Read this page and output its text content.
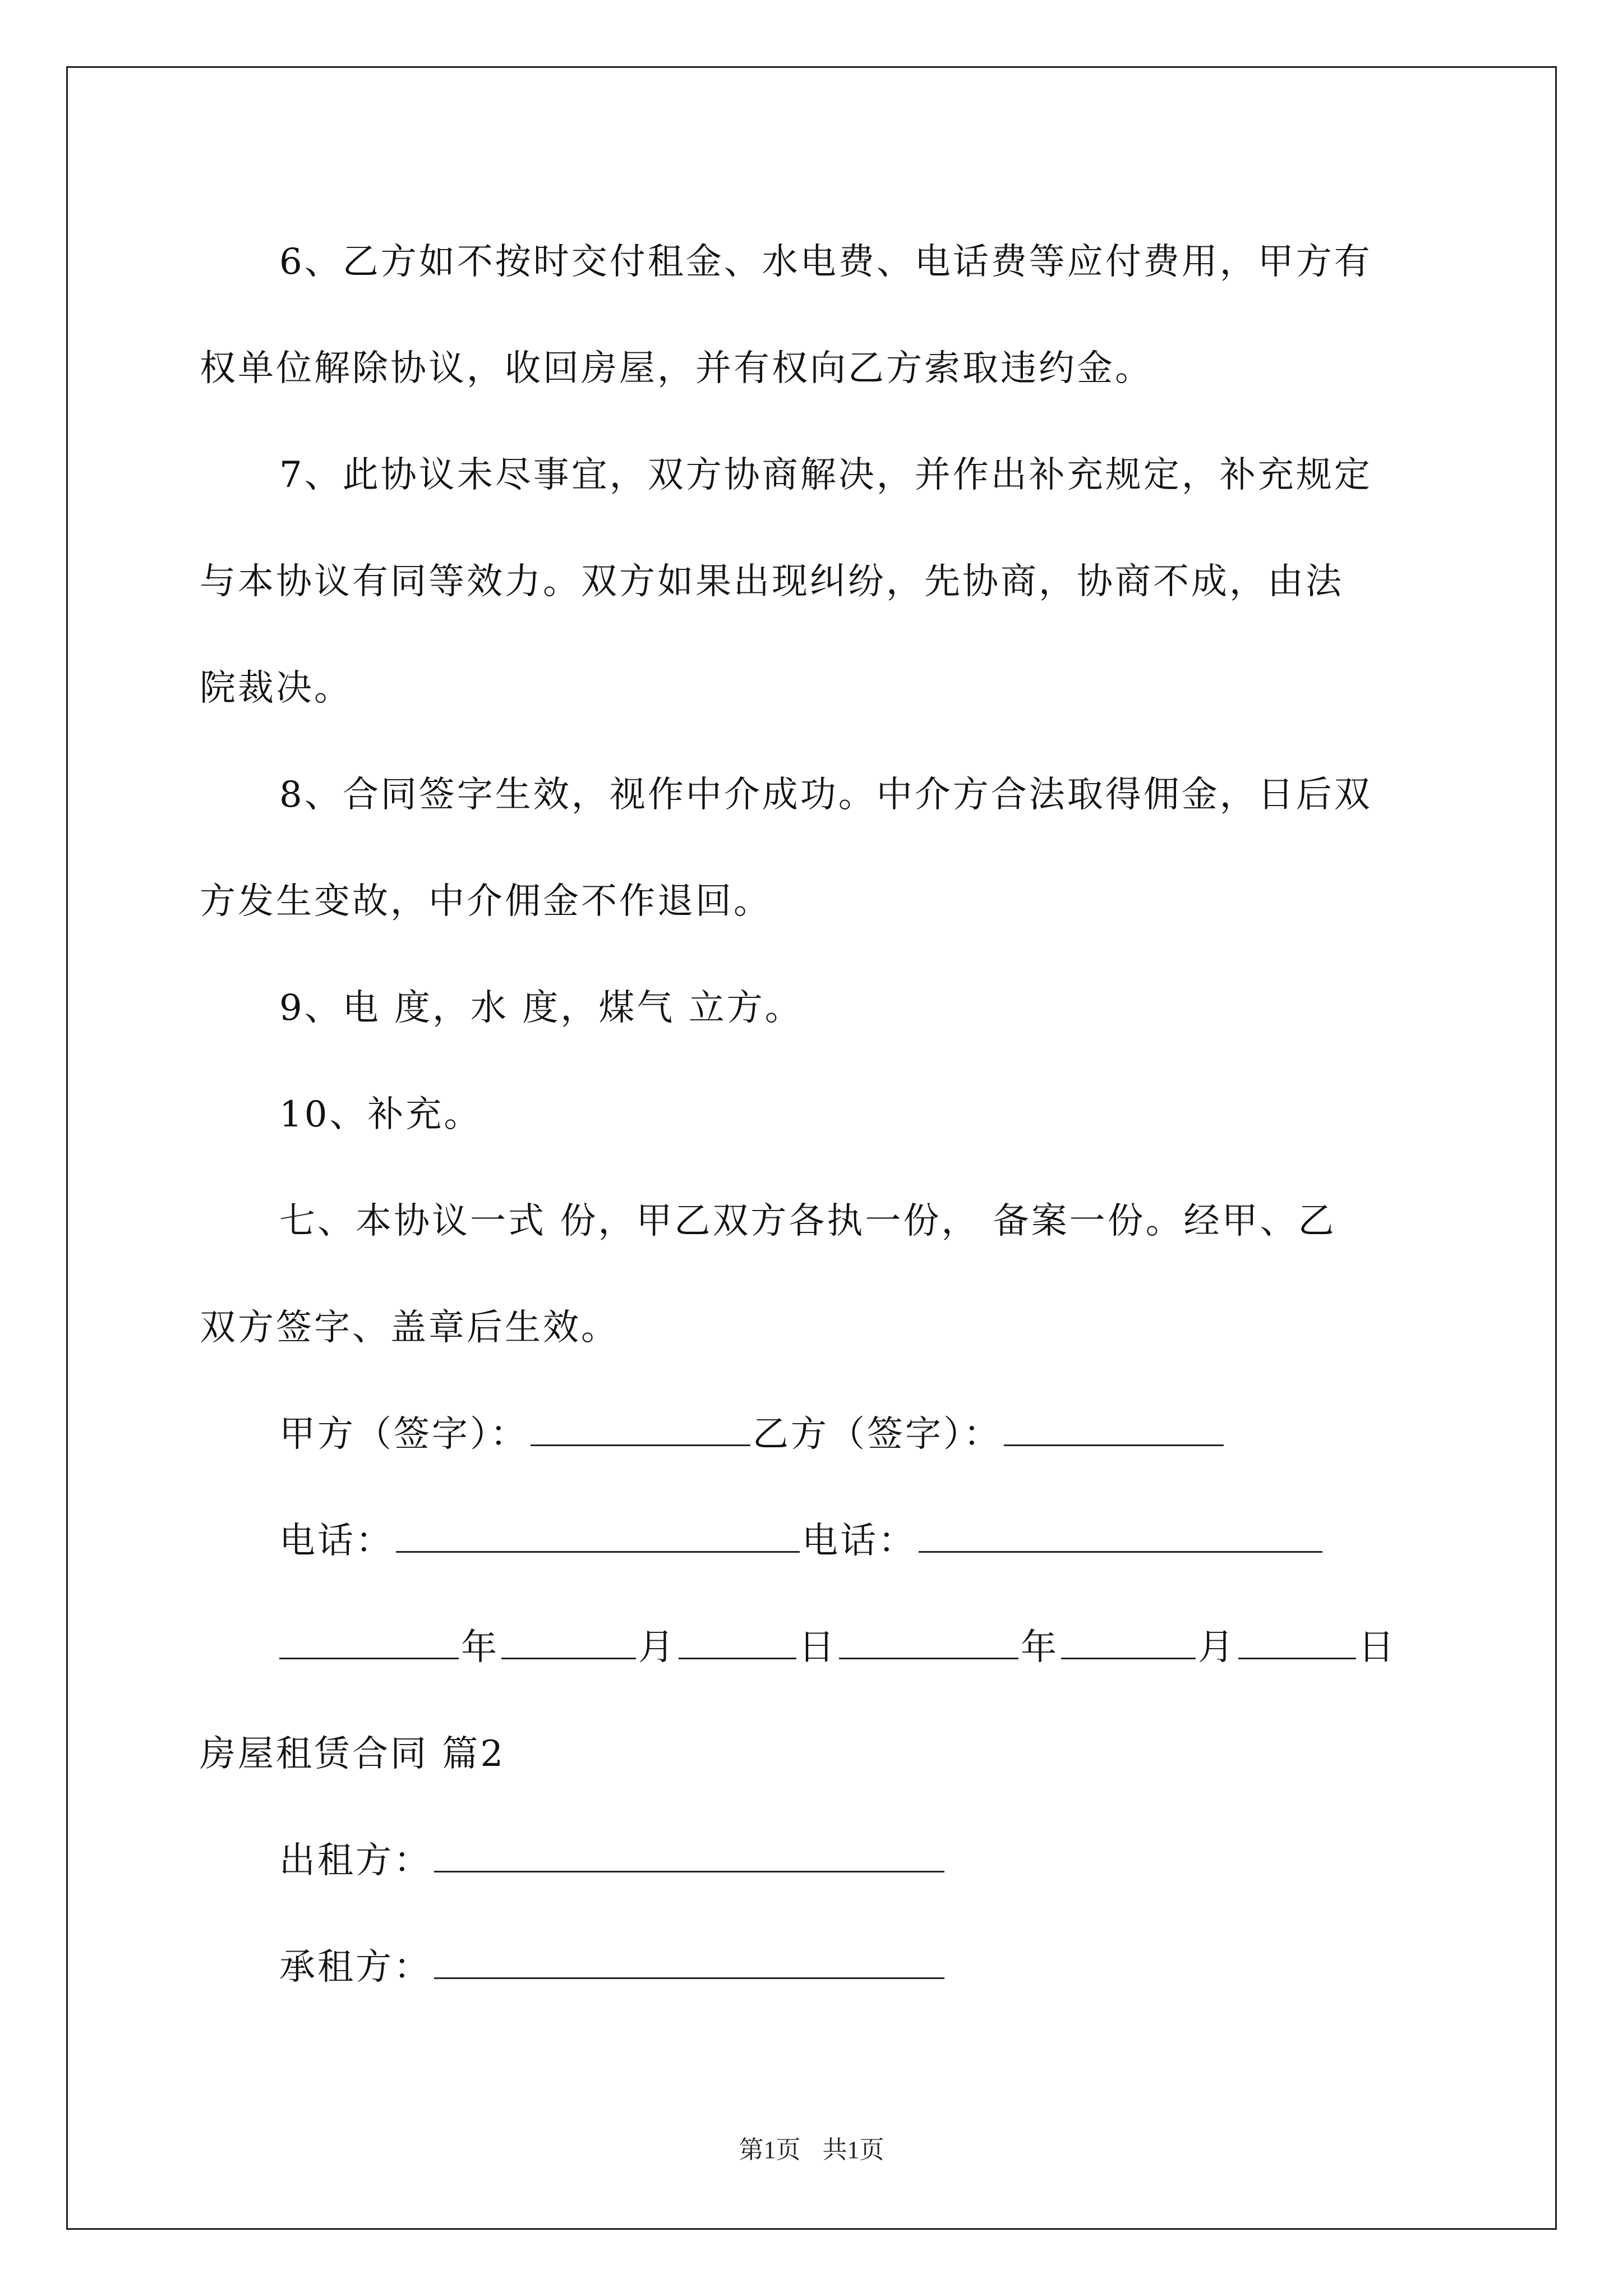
6、乙方如不按时交付租金、水电费、电话费等应付费用，甲方有

权单位解除协议，收回房屋，并有权向乙方索取违约金。

7、此协议未尽事宜，双方协商解决，并作出补充规定，补充规定

与本协议有同等效力。双方如果出现纠纷，先协商，协商不成，由法

院裁决。

8、合同签字生效，视作中介成功。中介方合法取得佣金，日后双

方发生变故，中介佣金不作退回。

9、电 度，水 度，煤气 立方。

10、补充。

七、本协议一式 份，甲乙双方各执一份， 备案一份。经甲、乙

双方签字、盖章后生效。

甲方（签字）：	乙方（签字）：

电话：	电话：

年	月	日	年	月	日

房屋租赁合同 篇2

出租方：

承租方：

第1页 共1页
